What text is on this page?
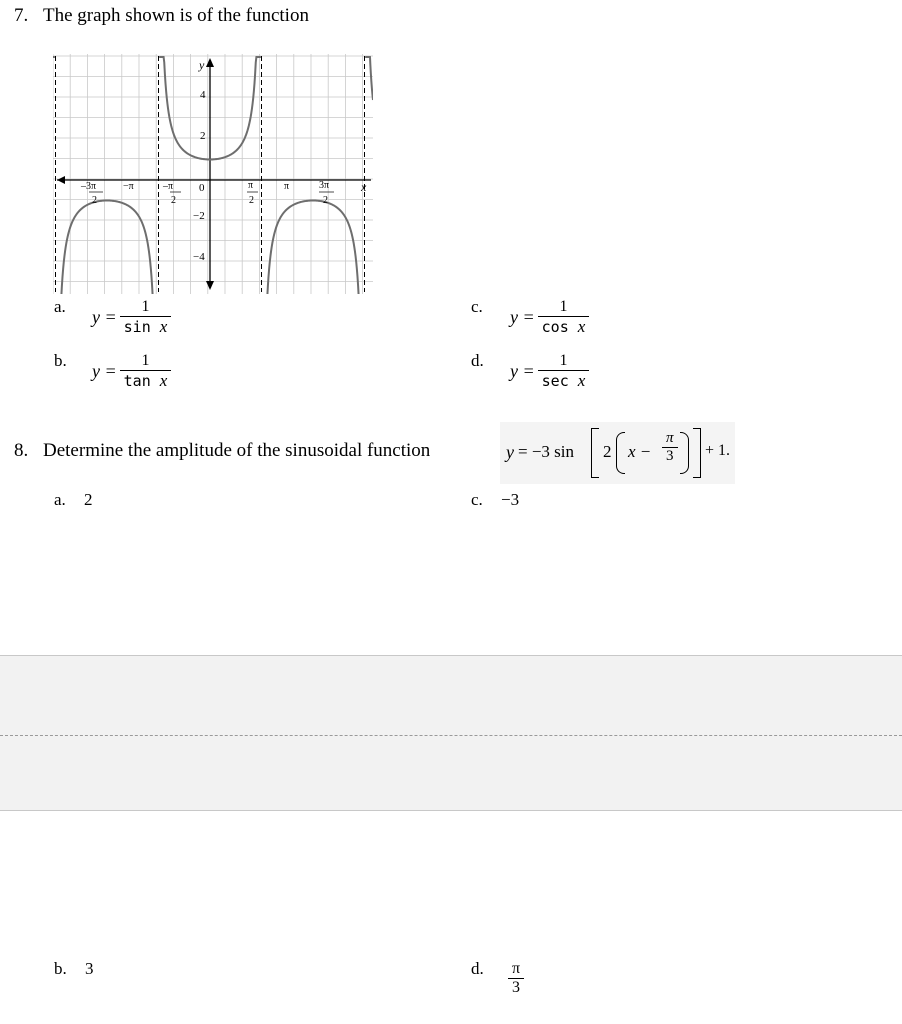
7. The graph shown is of the function
y
x
4
2
0
−2
−4
–3π
2
−π	–π
2
π
2
π	3π
2
a.
$y = \frac{1}{\text{sin x}}$
b.
$y = \frac{1}{\text{tan x}}$
c.
$y = \frac{1}{\text{cos x}}$
d.
$y = \frac{1}{\text{sec x}}$
8. Determine the amplitude of the sinusoidal function	y = −3 sin 2 $x - \frac{\pi}{3} + 1$.
a. 2	c. −3
b. 3	d. $\frac{\pi}{3}$
